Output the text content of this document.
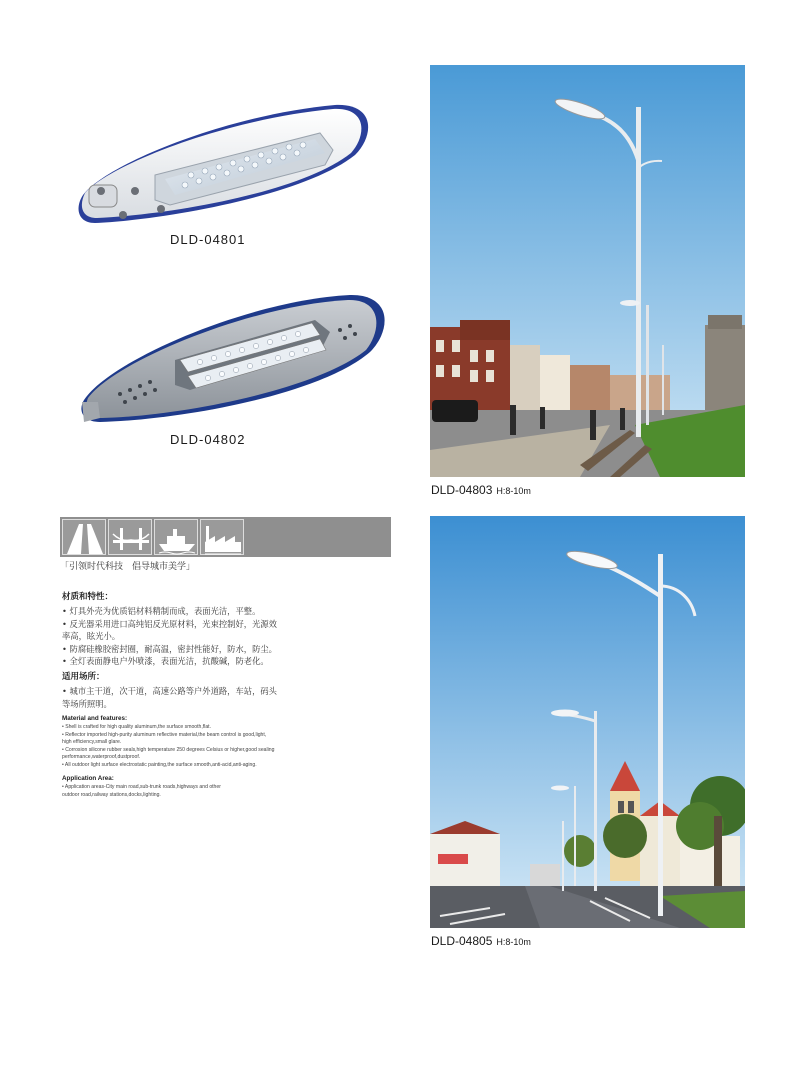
DLD-04801
DLD-04802
DLD-04803 H:8-10m
DLD-04805 H:8-10m
「引领时代科技　倡导城市美学」
材质和特性：
• 灯具外壳为优质铝材料精制而成，表面光洁，平整。
• 反光器采用进口高纯铝反光原材料，光束控制好，光源效
率高，眩光小。
• 防腐硅橡胶密封圈，耐高温，密封性能好，防水，防尘。
• 全灯表面静电户外喷漆，表面光洁，抗酸碱，防老化。
适用场所：
• 城市主干道，次干道，高速公路等户外道路，车站，码头
等场所照明。
Material and features:
• Shell is crafted for high quality aluminum,the surface smooth,flat.
• Reflector imported high-purity aluminum reflective material,the beam control is good,light,
high efficiency,small glare.
• Corrosion silicone rubber seals,high temperature 250 degrees Celsius or higher,good sealing
performance,waterproof,dustproof.
• All outdoor light surface electrostatic painting,the surface smooth,anti-acid,anti-aging.
Application Area:
• Application areas-City main road,sub-trunk roads,highways and other
outdoor road,railway stations,docks,lighting.
